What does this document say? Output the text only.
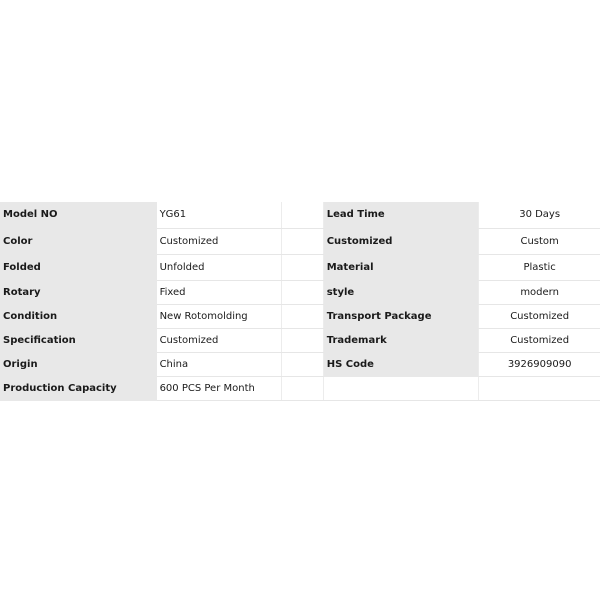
Model NO	YG61		Lead Time	30 Days
Color	Customized		Customized	Custom
Folded	Unfolded		Material	Plastic
Rotary	Fixed		style	modern
Condition	New Rotomolding		Transport Package	Customized
Specification	Customized		Trademark	Customized
Origin	China		HS Code	3926909090
Production Capacity	600 PCS Per Month			
